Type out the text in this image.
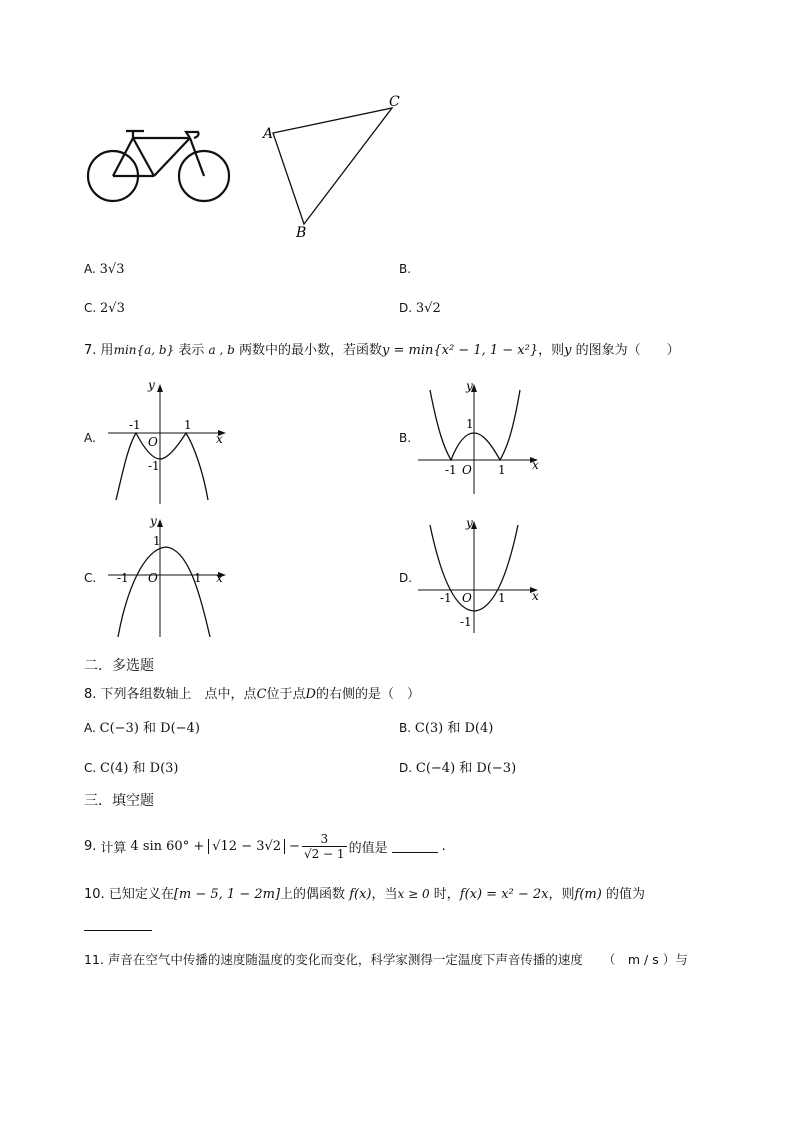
A
B
C
A. 3√3	B.
C. 2√3	D. 3√2
7. 用min{a, b} 表示 a , b 两数中的最小数，若函数y = min{x² − 1, 1 − x²}，则y 的图象为（　　）
A.	B.
C.	D.
y
-1	1
O
-1
x
y
1
-1 O 1 x
y
1
-1 O	1 x
y
-1 O 1
-1
x
二．多选题
8. 下列各组数轴上　点中，点C位于点D的右侧的是（　）
A. C(−3) 和 D(−4)	B. C(3) 和 D(4)
C. C(4) 和 D(3)	D. C(−4) 和 D(−3)
三．填空题
9. 计算 4 $\sin 60^\circ + √12 - 3√2 - \frac{3}{√2 - 1}$ 的值是	.
10. 已知定义在[m − 5, 1 − 2m]上的偶函数 f(x)，当x ≥ 0 时，f(x) = x² − 2x，则f(m) 的值为
11. 声音在空气中传播的速度随温度的变化而变化，科学家测得一定温度下声音传播的速度 （　m / s ）与
